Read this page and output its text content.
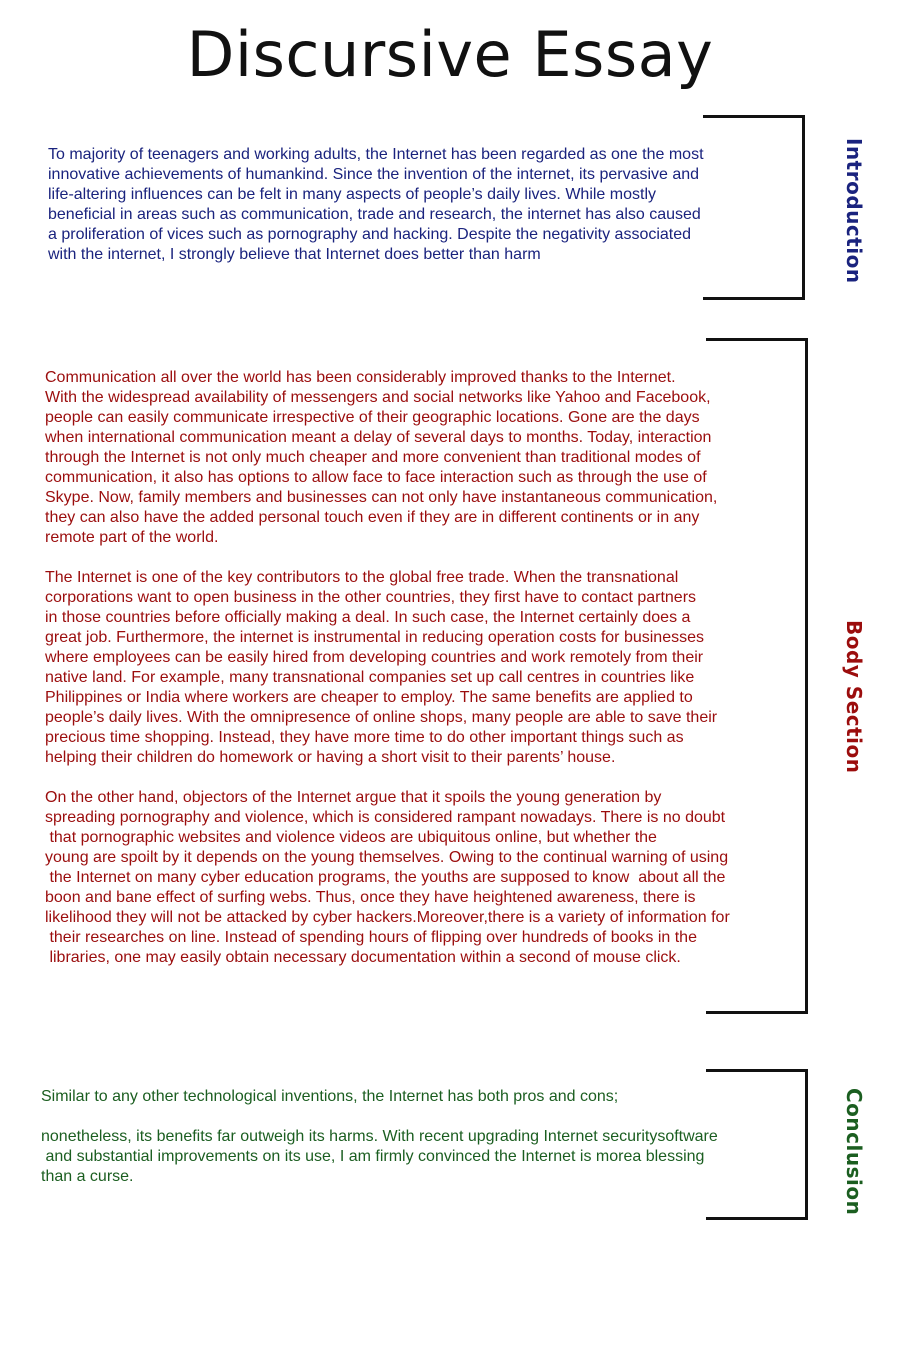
Discursive Essay

To majority of teenagers and working adults, the Internet has been regarded as one the most
innovative achievements of humankind. Since the invention of the internet, its pervasive and
life-altering influences can be felt in many aspects of people’s daily lives. While mostly
beneficial in areas such as communication, trade and research, the internet has also caused
a proliferation of vices such as pornography and hacking. Despite the negativity associated
with the internet, I strongly believe that Internet does better than harm	Introduction

Communication all over the world has been considerably improved thanks to the Internet.
With the widespread availability of messengers and social networks like Yahoo and Facebook,
people can easily communicate irrespective of their geographic locations. Gone are the days
when international communication meant a delay of several days to months. Today, interaction
through the Internet is not only much cheaper and more convenient than traditional modes of
communication, it also has options to allow face to face interaction such as through the use of
Skype. Now, family members and businesses can not only have instantaneous communication,
they can also have the added personal touch even if they are in different continents or in any
remote part of the world.

The Internet is one of the key contributors to the global free trade. When the transnational
corporations want to open business in the other countries, they first have to contact partners
in those countries before officially making a deal. In such case, the Internet certainly does a
great job. Furthermore, the internet is instrumental in reducing operation costs for businesses
where employees can be easily hired from developing countries and work remotely from their
native land. For example, many transnational companies set up call centres in countries like
Philippines or India where workers are cheaper to employ. The same benefits are applied to
people’s daily lives. With the omnipresence of online shops, many people are able to save their
precious time shopping. Instead, they have more time to do other important things such as
helping their children do homework or having a short visit to their parents’ house.

On the other hand, objectors of the Internet argue that it spoils the young generation by
spreading pornography and violence, which is considered rampant nowadays. There is no doubt
that pornographic websites and violence videos are ubiquitous online, but whether the
young are spoilt by it depends on the young themselves. Owing to the continual warning of using
the Internet on many cyber education programs, the youths are supposed to know  about all the
boon and bane effect of surfing webs. Thus, once they have heightened awareness, there is
likelihood they will not be attacked by cyber hackers.Moreover,there is a variety of information for
their researches on line. Instead of spending hours of flipping over hundreds of books in the
libraries, one may easily obtain necessary documentation within a second of mouse click.

Body Section

Similar to any other technological inventions, the Internet has both pros and cons;

nonetheless, its benefits far outweigh its harms. With recent upgrading Internet securitysoftware
and substantial improvements on its use, I am firmly convinced the Internet is morea blessing
than a curse.	Conclusion
